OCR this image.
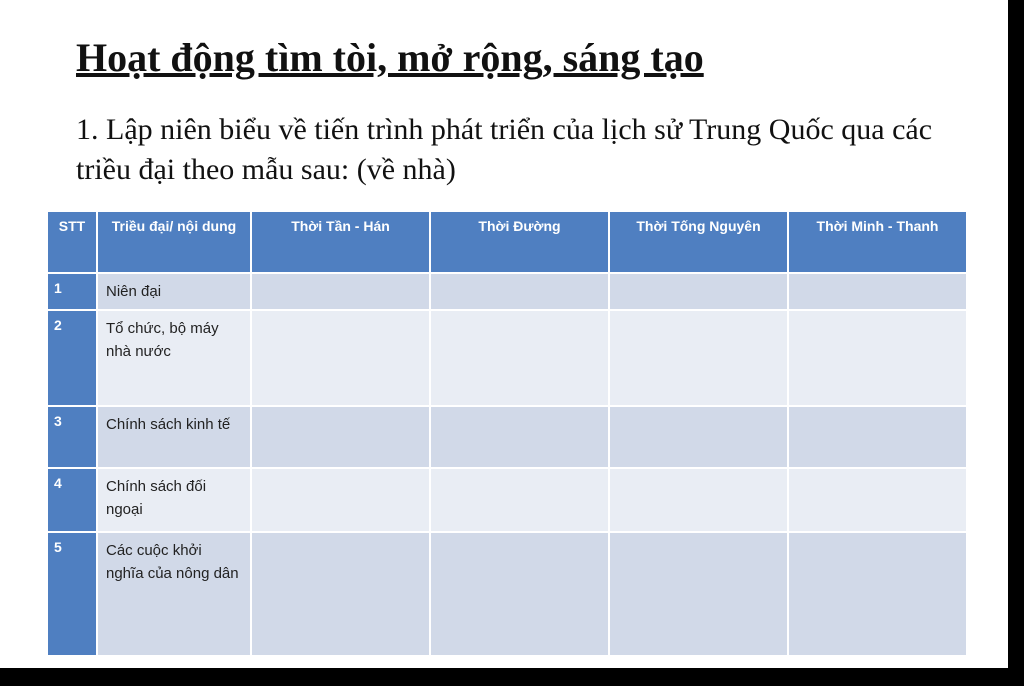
Hoạt động tìm tòi, mở rộng, sáng tạo
1. Lập niên biểu về tiến trình phát triển của lịch sử Trung Quốc qua các triều đại theo mẫu sau: (về nhà)
STT	Triều đại/ nội dung	Thời Tần - Hán	Thời Đường	Thời Tống Nguyên	Thời Minh - Thanh
1	Niên đại				
2	Tổ chức, bộ máy nhà nước				
3	Chính sách kinh tế				
4	Chính sách đối ngoại				
5	Các cuộc khởi nghĩa của nông dân				
